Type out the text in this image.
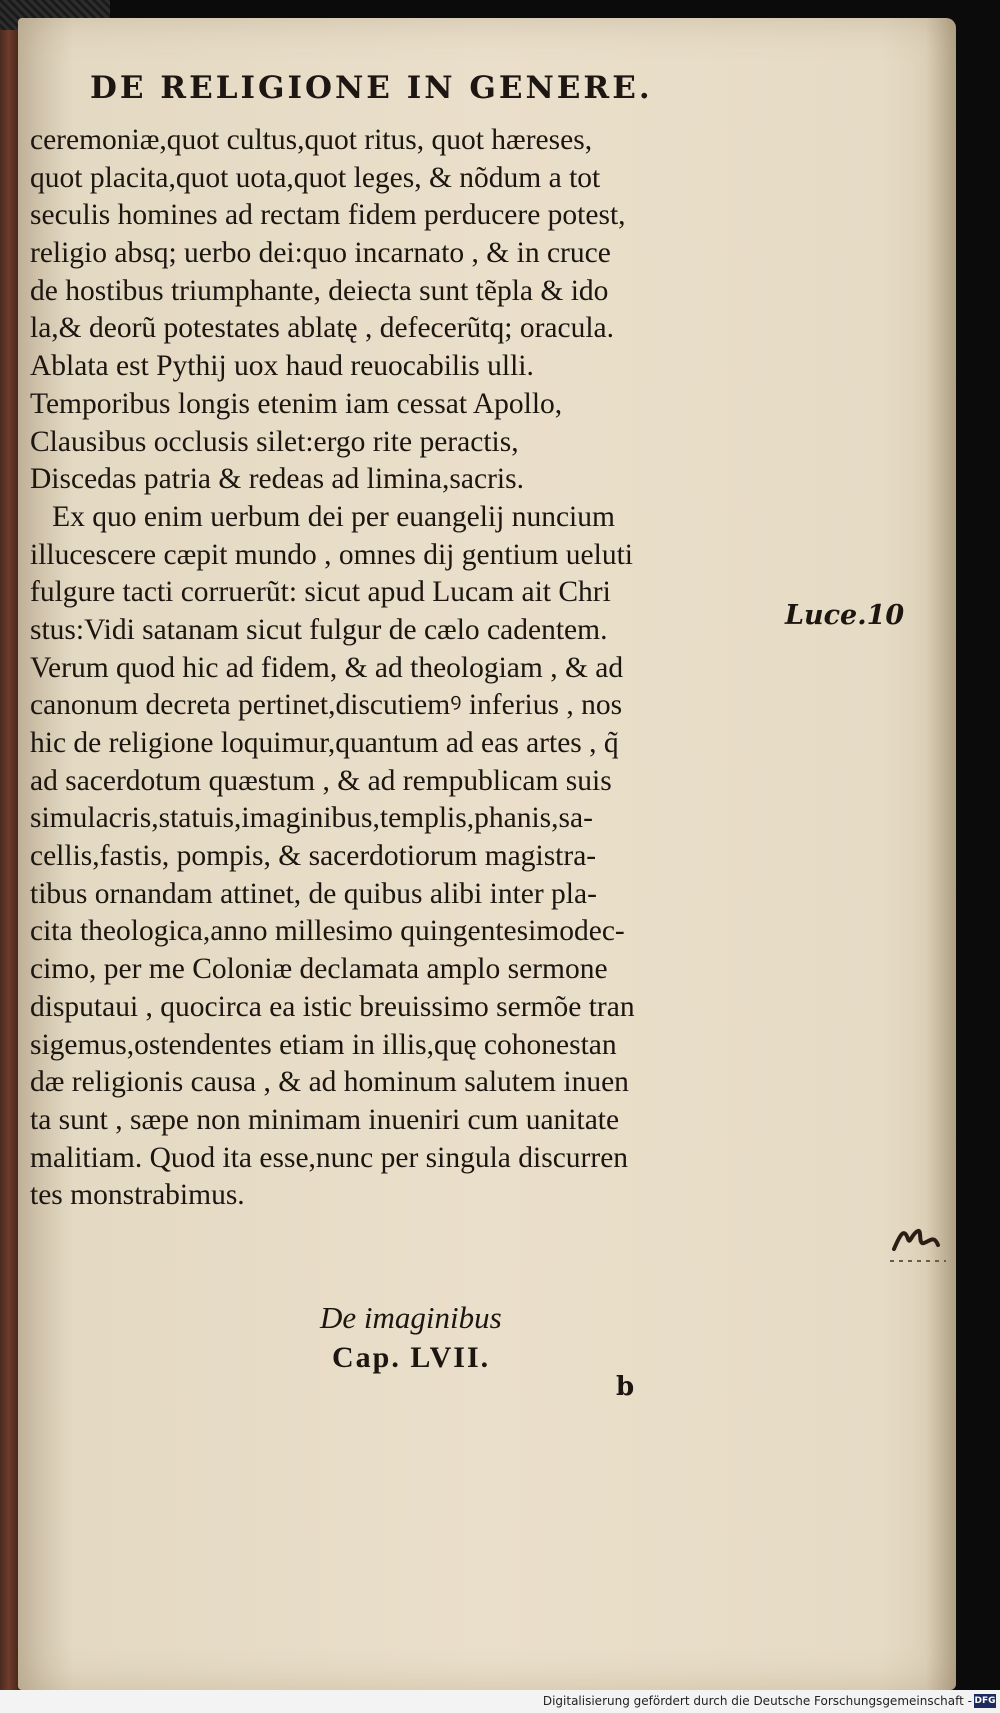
DE RELIGIONE IN GENERE.
ceremoniæ,quot cultus,quot ritus, quot hæreses,
quot placita,quot uota,quot leges, & nõdum a tot
seculis homines ad rectam fidem perducere potest,
religio absq; uerbo dei:quo incarnato , & in cruce
de hostibus triumphante, deiecta sunt tẽpla & ido
la,& deorũ potestates ablatę , defecerũtq; oracula.
Ablata est Pythij uox haud reuocabilis ulli.
Temporibus longis etenim iam cessat Apollo,
Clausibus occlusis silet:ergo rite peractis,
Discedas patria & redeas ad limina,sacris.
Ex quo enim uerbum dei per euangelij nuncium
illucescere cæpit mundo , omnes dij gentium ueluti
fulgure tacti corruerũt: sicut apud Lucam ait Chri
stus:Vidi satanam sicut fulgur de cælo cadentem.
Verum quod hic ad fidem, & ad theologiam , & ad
canonum decreta pertinet,discutiemꝰ inferius , nos
hic de religione loquimur,quantum ad eas artes , q̃
ad sacerdotum quæstum , & ad rempublicam suis
simulacris,statuis,imaginibus,templis,phanis,sa-
cellis,fastis, pompis, & sacerdotiorum magistra-
tibus ornandam attinet, de quibus alibi inter pla-
cita theologica,anno millesimo quingentesimodec-
cimo, per me Coloniæ declamata amplo sermone
disputaui , quocirca ea istic breuissimo sermõe tran
sigemus,ostendentes etiam in illis,quę cohonestan
dæ religionis causa , & ad hominum salutem inuen
ta sunt , sæpe non minimam inueniri cum uanitate
malitiam. Quod ita esse,nunc per singula discurren
tes monstrabimus.
Luce.10
De imaginibus
Cap. LVII.
b
Digitalisierung gefördert durch die Deutsche Forschungsgemeinschaft - DFG
